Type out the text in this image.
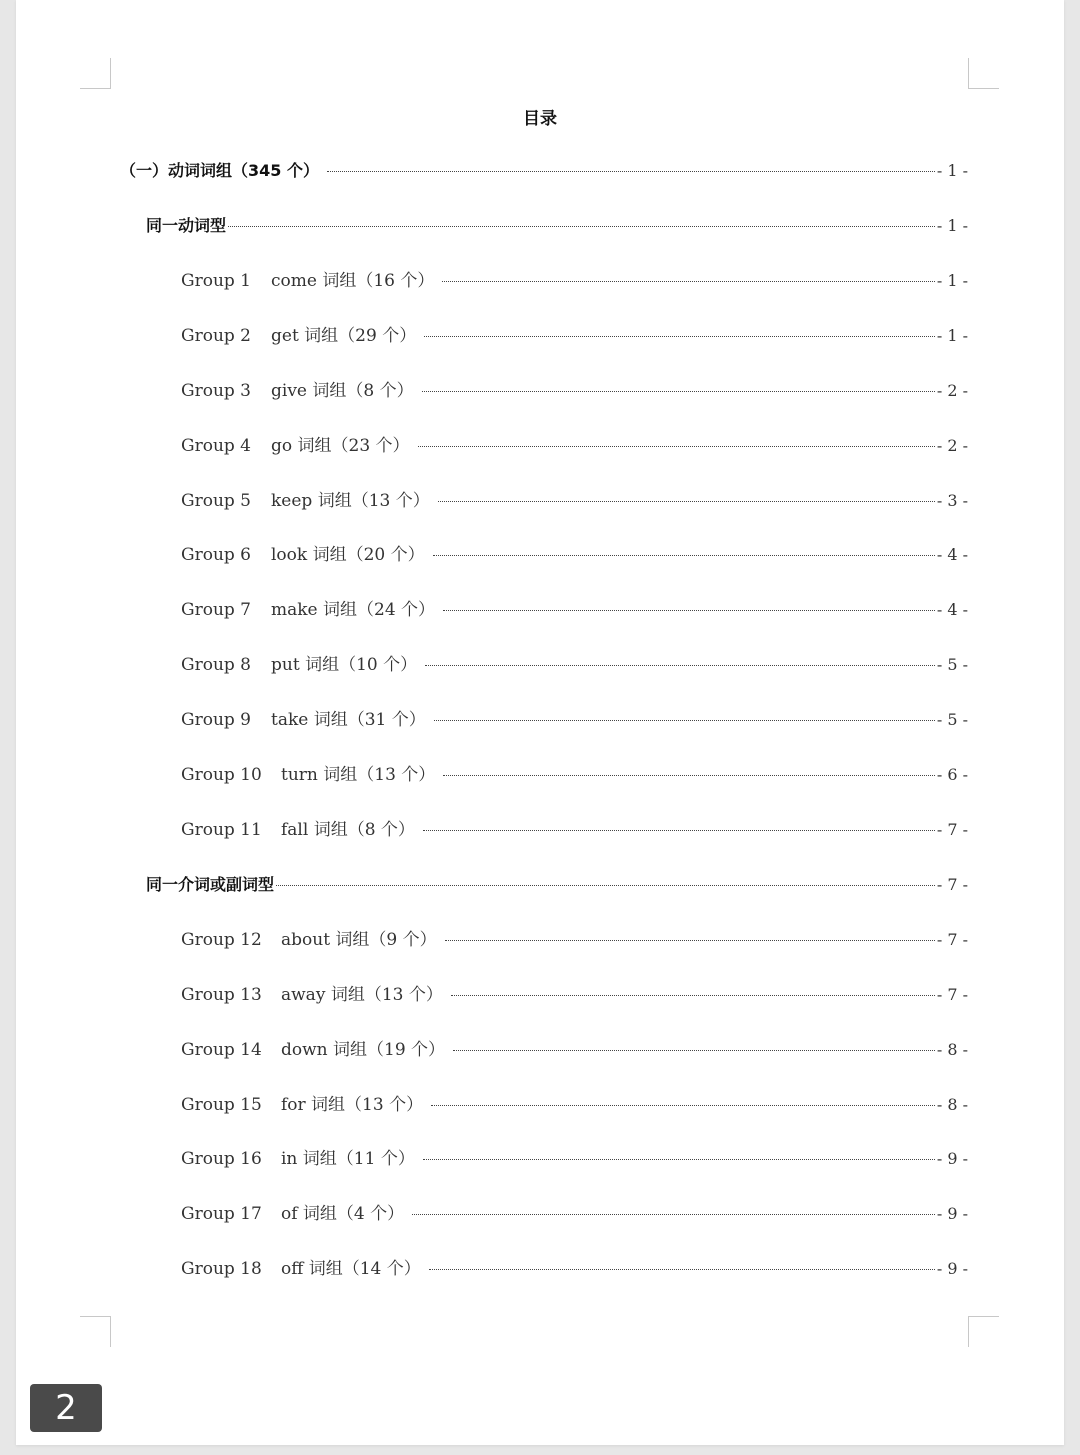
目录
（一）动词词组（345 个）	- 1 -
同一动词型	- 1 -
Group 1	come 词组（16 个）	- 1 -
Group 2	get 词组（29 个）	- 1 -
Group 3	give 词组（8 个）	- 2 -
Group 4	go 词组（23 个）	- 2 -
Group 5	keep 词组（13 个）	- 3 -
Group 6	look 词组（20 个）	- 4 -
Group 7	make 词组（24 个）	- 4 -
Group 8	put 词组（10 个）	- 5 -
Group 9	take 词组（31 个）	- 5 -
Group 10	turn 词组（13 个）	- 6 -
Group 11	fall 词组（8 个）	- 7 -
同一介词或副词型	- 7 -
Group 12	about 词组（9 个）	- 7 -
Group 13	away 词组（13 个）	- 7 -
Group 14	down 词组（19 个）	- 8 -
Group 15	for 词组（13 个）	- 8 -
Group 16	in 词组（11 个）	- 9 -
Group 17	of 词组（4 个）	- 9 -
Group 18	off 词组（14 个）	- 9 -
2
